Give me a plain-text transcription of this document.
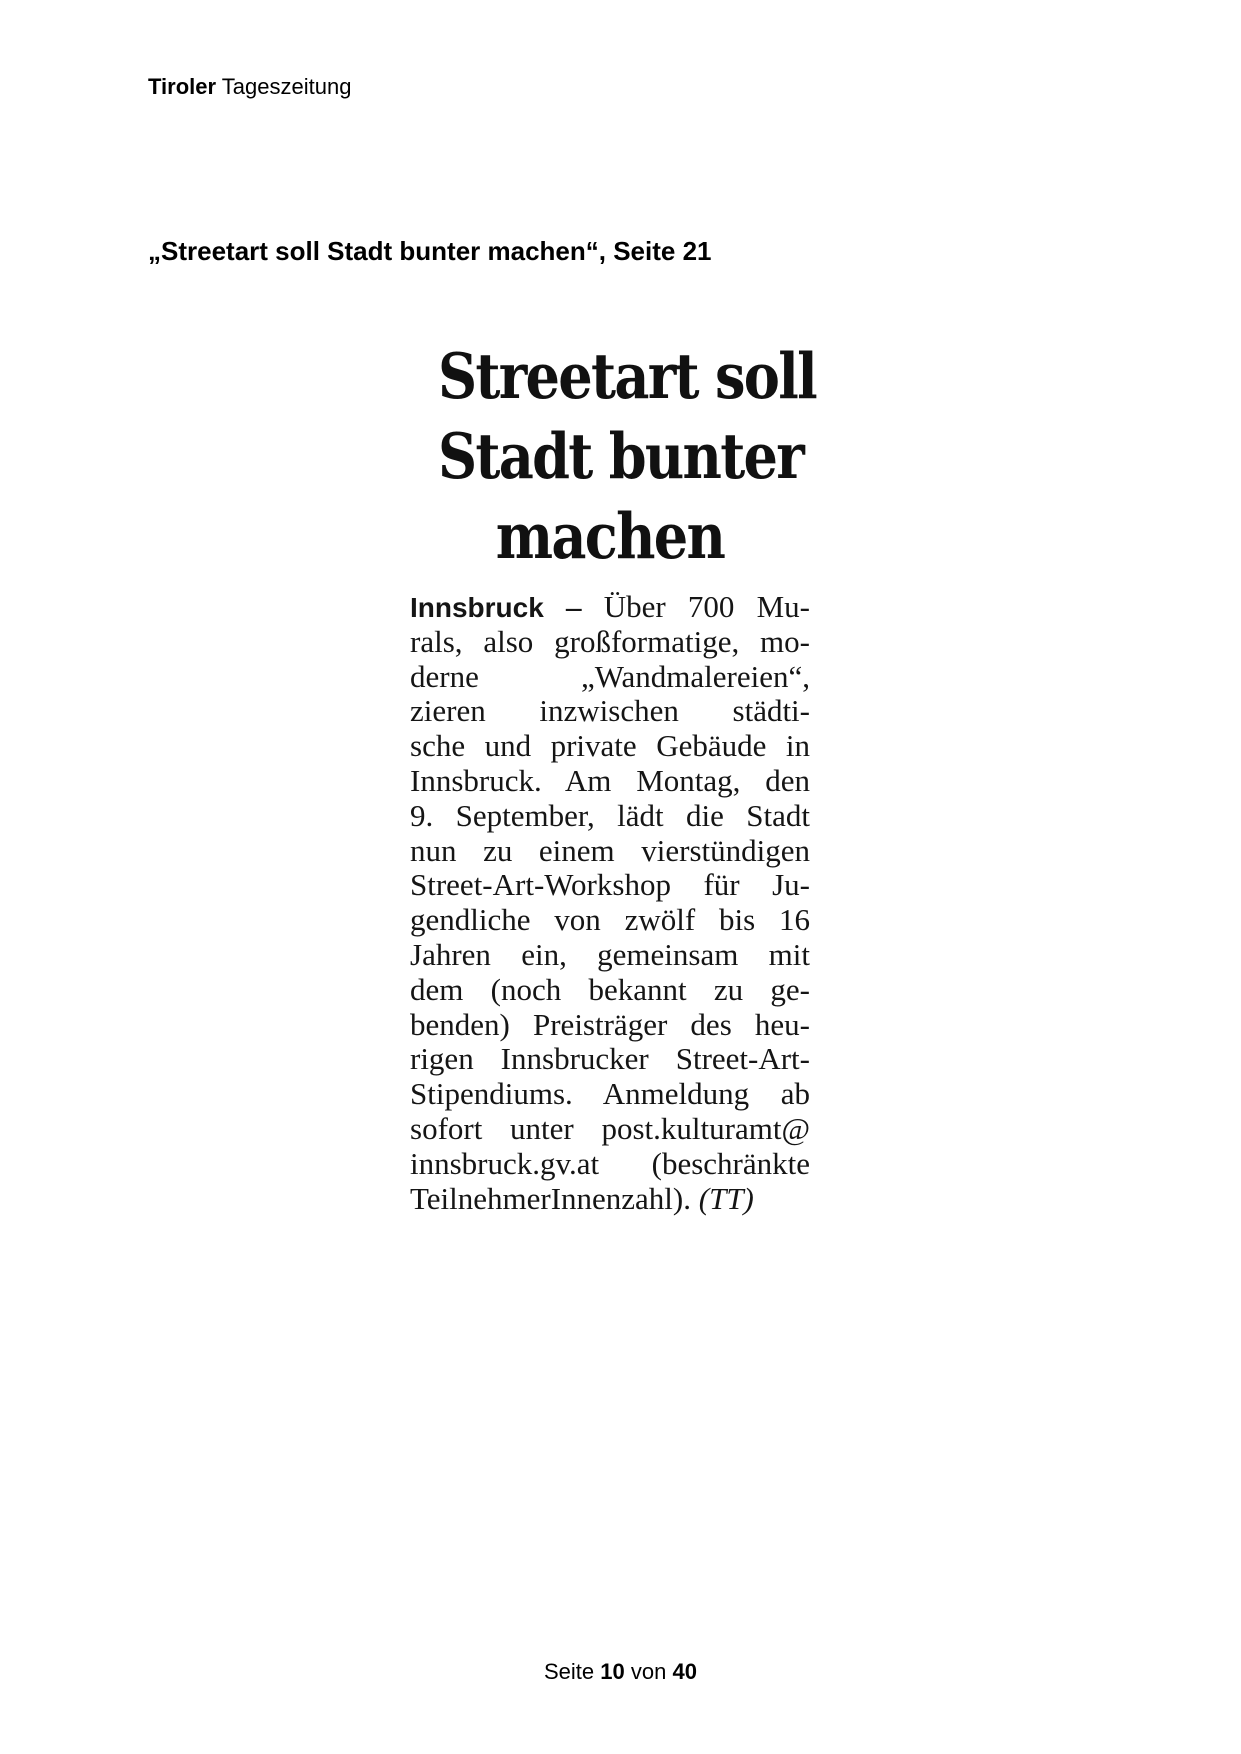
Tiroler Tageszeitung
„Streetart soll Stadt bunter machen“, Seite 21
Streetart soll
Stadt bunter
machen
Innsbruck – Über 700 Mu-
rals, also großformatige, mo-
derne „Wandmalereien“,
zieren inzwischen städti-
sche und private Gebäude in
Innsbruck. Am Montag, den
9. September, lädt die Stadt
nun zu einem vierstündigen
Street-Art-Workshop für Ju-
gendliche von zwölf bis 16
Jahren ein, gemeinsam mit
dem (noch bekannt zu ge-
benden) Preisträger des heu-
rigen Innsbrucker Street-Art-
Stipendiums. Anmeldung ab
sofort unter post.kulturamt@
innsbruck.gv.at (beschränkte
TeilnehmerInnenzahl). (TT)
Seite 10 von 40
